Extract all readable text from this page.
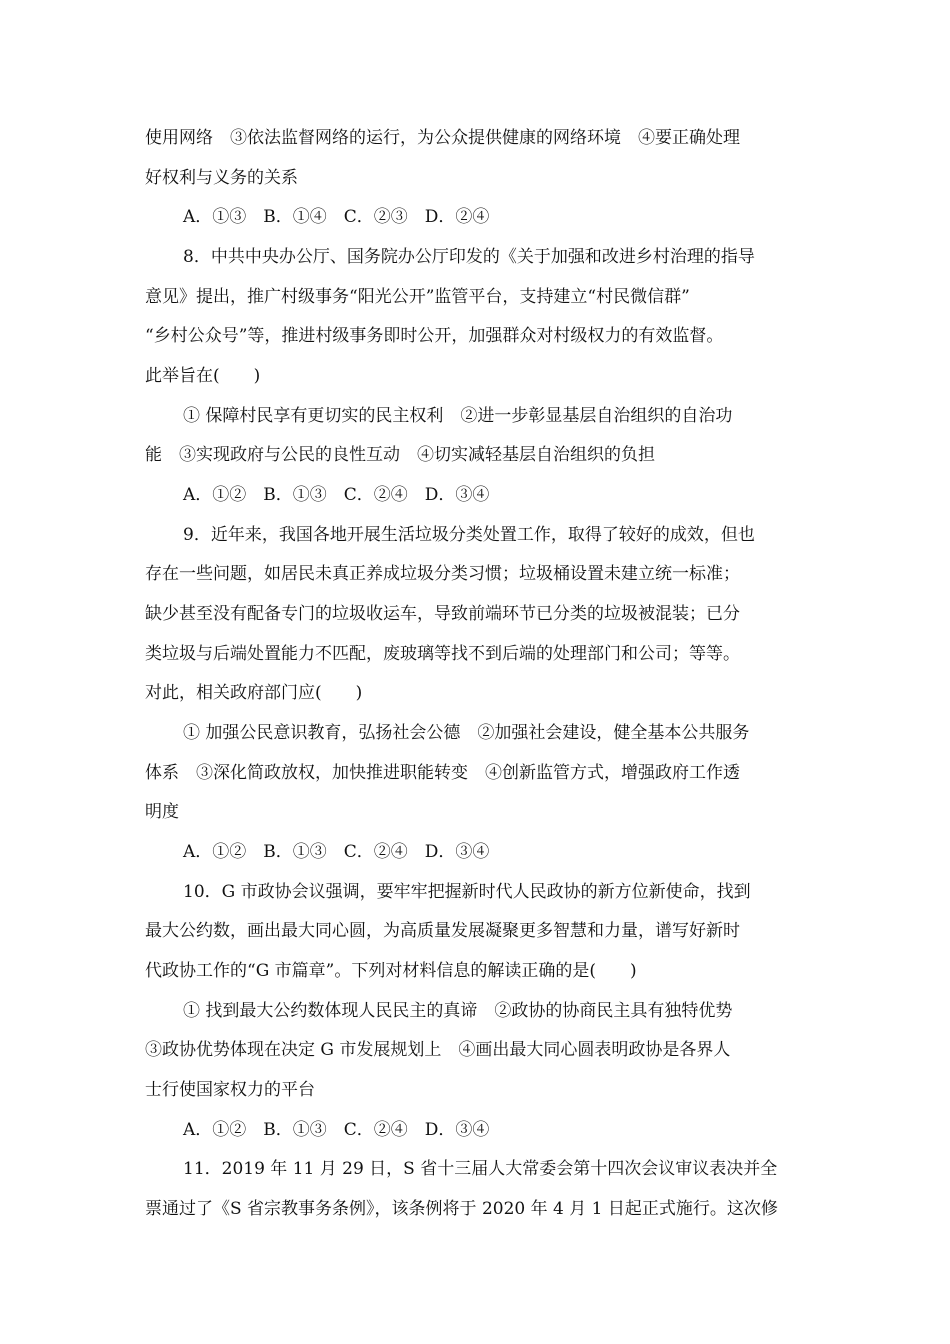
使用网络　③依法监督网络的运行，为公众提供健康的网络环境　④要正确处理
好权利与义务的关系
A．①③　B．①④　C．②③　D．②④
8．中共中央办公厅、国务院办公厅印发的《关于加强和改进乡村治理的指导
意见》提出，推广村级事务“阳光公开”监管平台，支持建立“村民微信群”
“乡村公众号”等，推进村级事务即时公开，加强群众对村级权力的有效监督。
此举旨在(　　)
① 保障村民享有更切实的民主权利　②进一步彰显基层自治组织的自治功
能　③实现政府与公民的良性互动　④切实减轻基层自治组织的负担
A．①②　B．①③　C．②④　D．③④
9．近年来，我国各地开展生活垃圾分类处置工作，取得了较好的成效，但也
存在一些问题，如居民未真正养成垃圾分类习惯；垃圾桶设置未建立统一标准；
缺少甚至没有配备专门的垃圾收运车，导致前端环节已分类的垃圾被混装；已分
类垃圾与后端处置能力不匹配，废玻璃等找不到后端的处理部门和公司；等等。
对此，相关政府部门应(　　)
① 加强公民意识教育，弘扬社会公德　②加强社会建设，健全基本公共服务
体系　③深化简政放权，加快推进职能转变　④创新监管方式，增强政府工作透
明度
A．①②　B．①③　C．②④　D．③④
10．G 市政协会议强调，要牢牢把握新时代人民政协的新方位新使命，找到
最大公约数，画出最大同心圆，为高质量发展凝聚更多智慧和力量，谱写好新时
代政协工作的“G 市篇章”。下列对材料信息的解读正确的是(　　)
① 找到最大公约数体现人民民主的真谛　②政协的协商民主具有独特优势
③政协优势体现在决定 G 市发展规划上　④画出最大同心圆表明政协是各界人
士行使国家权力的平台
A．①②　B．①③　C．②④　D．③④
11．2019 年 11 月 29 日，S 省十三届人大常委会第十四次会议审议表决并全
票通过了《S 省宗教事务条例》，该条例将于 2020 年 4 月 1 日起正式施行。这次修
